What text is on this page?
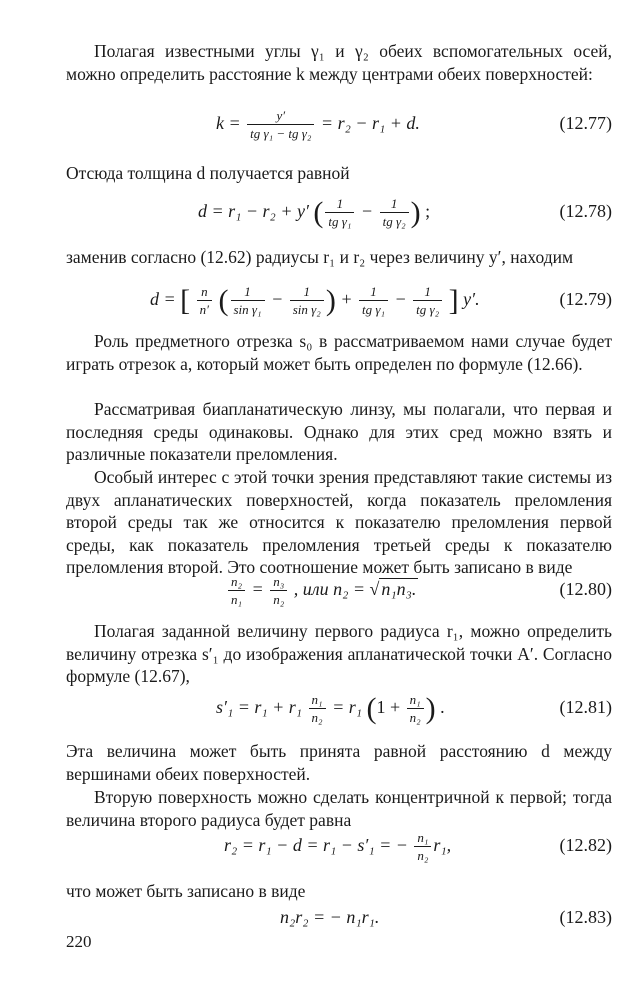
Полагая известными углы γ₁ и γ₂ обеих вспомогательных осей, можно определить расстояние k между центрами обеих поверхностей:

$k = \frac{y'}{\text{tg γ₁ − tg γ₂}} = r_2 - r_1 + d$.	(12.77)

Отсюда толщина d получается равной

d = r₁ − r₂ + y′ ( $\frac{1}{\text{tg γ₁}} - \frac{1}{\text{tg γ₂}}$ ) ;	(12.78)

заменив согласно (12.62) радиусы r₁ и r₂ через величину y′, находим

d = [ $\frac{n}{n'}$ ( $\frac{1}{\text{sin γ₁}} - \frac{1}{\text{sin γ₂}}$ ) + $\frac{1}{\text{tg γ₁}} - \frac{1}{\text{tg γ₂}}$ ] y′.	(12.79)

Роль предметного отрезка s₀ в рассматриваемом нами случае будет играть отрезок a, который может быть определен по формуле (12.66).

Рассматривая биапланатическую линзу, мы полагали, что первая и последняя среды одинаковы. Однако для этих сред можно взять и различные показатели преломления.

Особый интерес с этой точки зрения представляют такие системы из двух апланатических поверхностей, когда показатель преломления второй среды так же относится к показателю преломления первой среды, как показатель преломления третьей среды к показателю преломления второй. Это соотношение может быть записано в виде

$\frac{\text{n₂}}{\text{n₁}} = \frac{\text{n₃}}{\text{n₂}}$ , или n₂ = √ n₁n₃.	(12.80)

Полагая заданной величину первого радиуса r₁, можно определить величину отрезка s′₁ до изображения апланатической точки A′. Согласно формуле (12.67),

$s'_1 = r_1 + r_1 \frac{\text{n₁}}{\text{n₂}} = r_1$ ($1 + \frac{\text{n₁}}{\text{n₂}}$ ) .	(12.81)

Эта величина может быть принята равной расстоянию d между вершинами обеих поверхностей.

Вторую поверхность можно сделать концентричной к первой; тогда величина второго радиуса будет равна

r₂ = r₁ − d = r₁ − s′₁ = − $\frac{\text{n₁}}{\text{n₂}} r_1$,	(12.82)

что может быть записано в виде

n₂r₂ = − n₁r₁.	(12.83)
220
